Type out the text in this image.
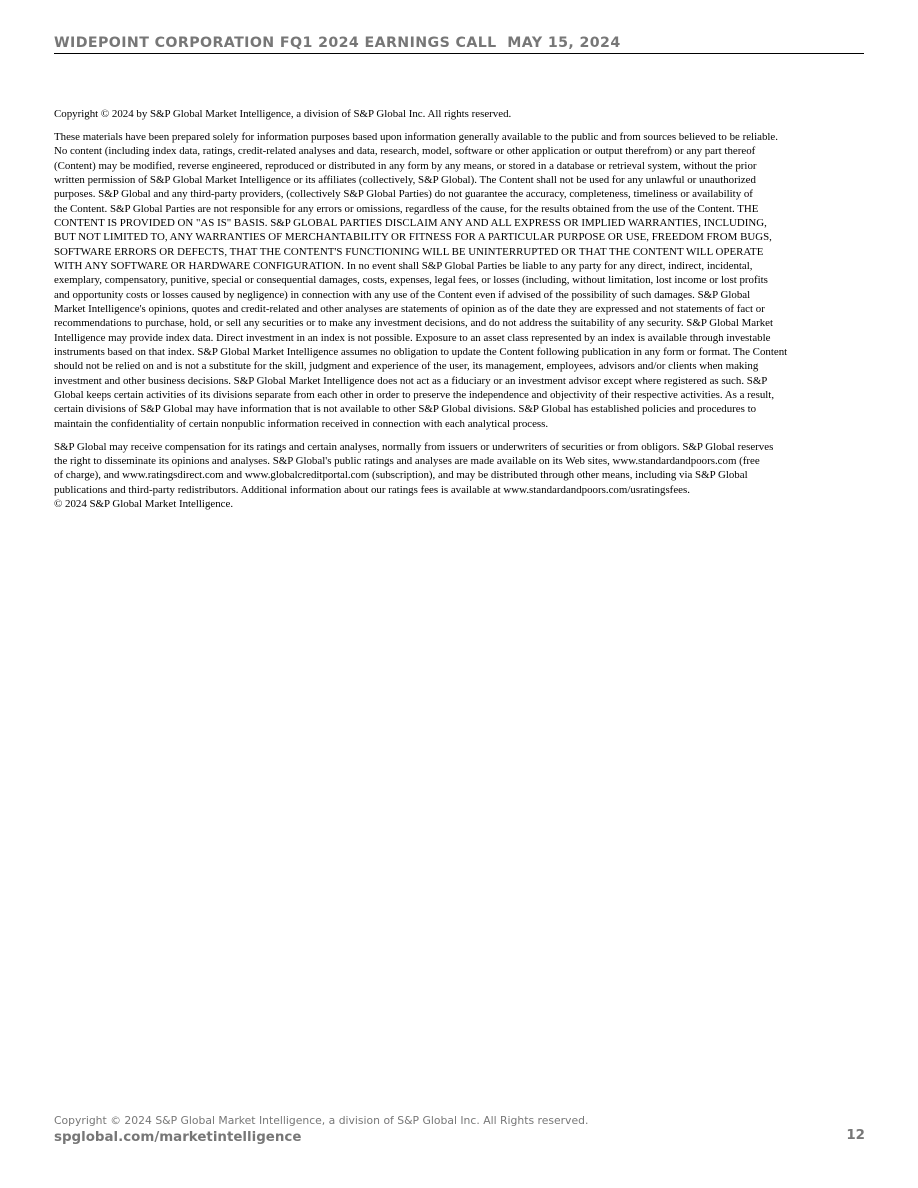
WIDEPOINT CORPORATION FQ1 2024 EARNINGS CALL  MAY 15, 2024

Copyright © 2024 by S&P Global Market Intelligence, a division of S&P Global Inc. All rights reserved.

These materials have been prepared solely for information purposes based upon information generally available to the public and from sources believed to be reliable.
No content (including index data, ratings, credit-related analyses and data, research, model, software or other application or output therefrom) or any part thereof
(Content) may be modified, reverse engineered, reproduced or distributed in any form by any means, or stored in a database or retrieval system, without the prior
written permission of S&P Global Market Intelligence or its affiliates (collectively, S&P Global). The Content shall not be used for any unlawful or unauthorized
purposes. S&P Global and any third-party providers, (collectively S&P Global Parties) do not guarantee the accuracy, completeness, timeliness or availability of
the Content. S&P Global Parties are not responsible for any errors or omissions, regardless of the cause, for the results obtained from the use of the Content. THE
CONTENT IS PROVIDED ON "AS IS" BASIS. S&P GLOBAL PARTIES DISCLAIM ANY AND ALL EXPRESS OR IMPLIED WARRANTIES, INCLUDING,
BUT NOT LIMITED TO, ANY WARRANTIES OF MERCHANTABILITY OR FITNESS FOR A PARTICULAR PURPOSE OR USE, FREEDOM FROM BUGS,
SOFTWARE ERRORS OR DEFECTS, THAT THE CONTENT'S FUNCTIONING WILL BE UNINTERRUPTED OR THAT THE CONTENT WILL OPERATE
WITH ANY SOFTWARE OR HARDWARE CONFIGURATION. In no event shall S&P Global Parties be liable to any party for any direct, indirect, incidental,
exemplary, compensatory, punitive, special or consequential damages, costs, expenses, legal fees, or losses (including, without limitation, lost income or lost profits
and opportunity costs or losses caused by negligence) in connection with any use of the Content even if advised of the possibility of such damages. S&P Global
Market Intelligence's opinions, quotes and credit-related and other analyses are statements of opinion as of the date they are expressed and not statements of fact or
recommendations to purchase, hold, or sell any securities or to make any investment decisions, and do not address the suitability of any security. S&P Global Market
Intelligence may provide index data. Direct investment in an index is not possible. Exposure to an asset class represented by an index is available through investable
instruments based on that index. S&P Global Market Intelligence assumes no obligation to update the Content following publication in any form or format. The Content
should not be relied on and is not a substitute for the skill, judgment and experience of the user, its management, employees, advisors and/or clients when making
investment and other business decisions. S&P Global Market Intelligence does not act as a fiduciary or an investment advisor except where registered as such. S&P
Global keeps certain activities of its divisions separate from each other in order to preserve the independence and objectivity of their respective activities. As a result,
certain divisions of S&P Global may have information that is not available to other S&P Global divisions. S&P Global has established policies and procedures to
maintain the confidentiality of certain nonpublic information received in connection with each analytical process.

S&P Global may receive compensation for its ratings and certain analyses, normally from issuers or underwriters of securities or from obligors. S&P Global reserves
the right to disseminate its opinions and analyses. S&P Global's public ratings and analyses are made available on its Web sites, www.standardandpoors.com (free
of charge), and www.ratingsdirect.com and www.globalcreditportal.com (subscription), and may be distributed through other means, including via S&P Global
publications and third-party redistributors. Additional information about our ratings fees is available at www.standardandpoors.com/usratingsfees.
© 2024 S&P Global Market Intelligence.

Copyright © 2024 S&P Global Market Intelligence, a division of S&P Global Inc. All Rights reserved.
spglobal.com/marketintelligence	12
